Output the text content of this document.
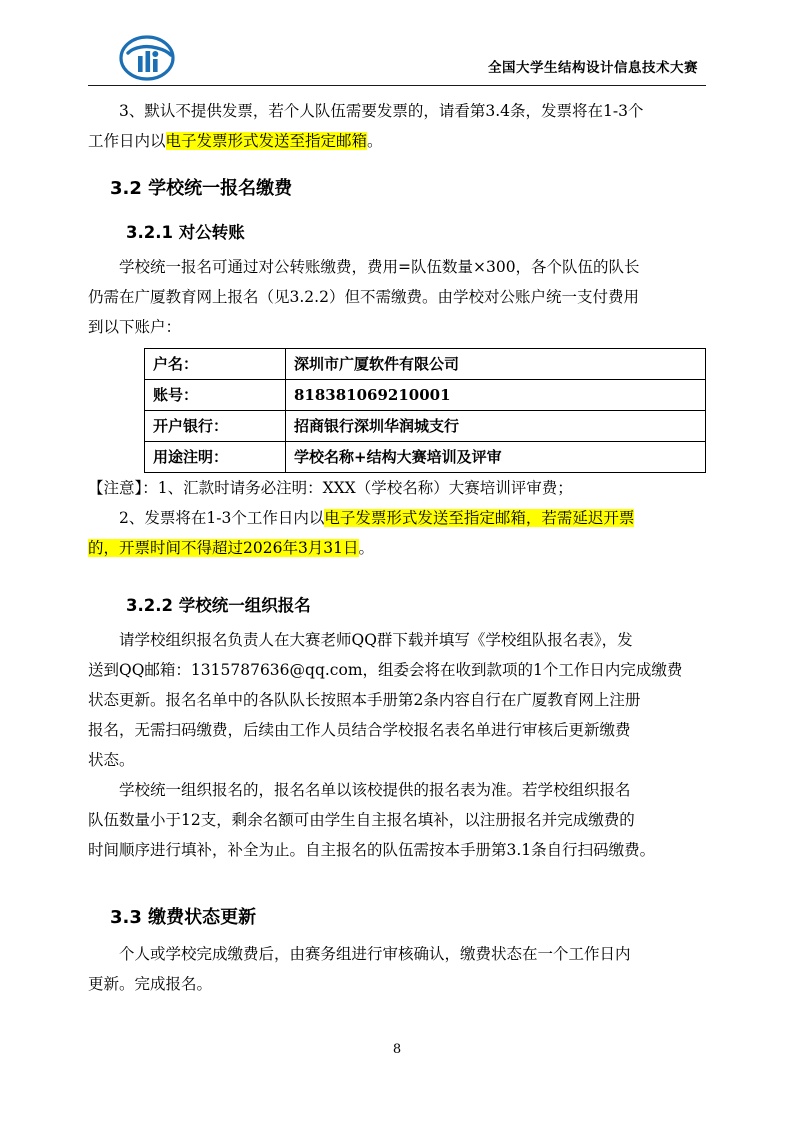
全国大学生结构设计信息技术大赛

3、默认不提供发票，若个人队伍需要发票的，请看第3.4条，发票将在1-3个

工作日内以电子发票形式发送至指定邮箱。

3.2 学校统一报名缴费
3.2.1 对公转账

学校统一报名可通过对公转账缴费，费用=队伍数量×300，各个队伍的队长

仍需在广厦教育网上报名（见3.2.2）但不需缴费。由学校对公账户统一支付费用

到以下账户：

户名：	深圳市广厦软件有限公司
账号：	818381069210001
开户银行：	招商银行深圳华润城支行
用途注明：	学校名称+结构大赛培训及评审

【注意】：1、汇款时请务必注明：XXX（学校名称）大赛培训评审费；

2、发票将在1-3个工作日内以电子发票形式发送至指定邮箱，若需延迟开票

的，开票时间不得超过2026年3月31日。

3.2.2 学校统一组织报名

请学校组织报名负责人在大赛老师QQ群下载并填写《学校组队报名表》，发

送到QQ邮箱：1315787636@qq.com，组委会将在收到款项的1个工作日内完成缴费

状态更新。报名名单中的各队队长按照本手册第2条内容自行在广厦教育网上注册

报名，无需扫码缴费，后续由工作人员结合学校报名表名单进行审核后更新缴费

状态。

学校统一组织报名的，报名名单以该校提供的报名表为准。若学校组织报名

队伍数量小于12支，剩余名额可由学生自主报名填补，以注册报名并完成缴费的

时间顺序进行填补，补全为止。自主报名的队伍需按本手册第3.1条自行扫码缴费。

3.3 缴费状态更新

个人或学校完成缴费后，由赛务组进行审核确认，缴费状态在一个工作日内

更新。完成报名。

8
